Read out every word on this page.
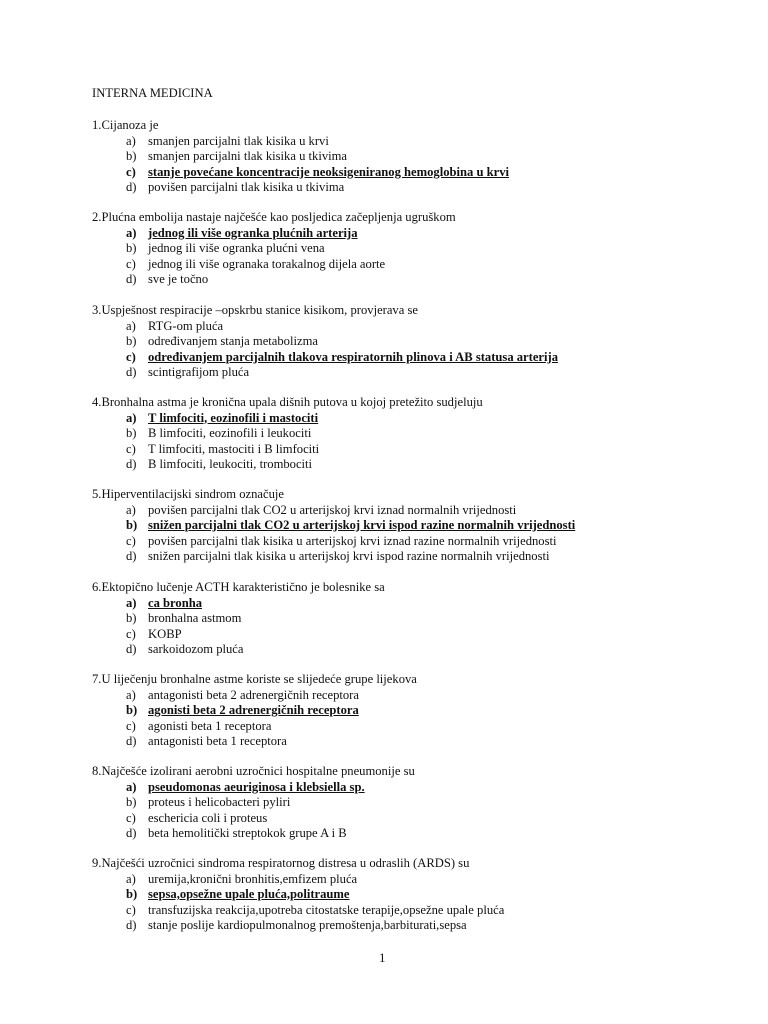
INTERNA MEDICINA
1.Cijanoza je
a) smanjen parcijalni tlak kisika u krvi
b) smanjen parcijalni tlak kisika u tkivima
c) stanje povećane koncentracije neoksigeniranog hemoglobina u krvi
d) povišen parcijalni tlak kisika u tkivima
2.Plućna embolija nastaje najčešće kao posljedica začepljenja ugruškom
a) jednog ili više ogranka plućnih arterija
b) jednog ili više ogranka plućni vena
c) jednog ili više ogranaka torakalnog dijela aorte
d) sve je točno
3.Uspješnost respiracije –opskrbu stanice kisikom, provjerava se
a) RTG-om pluća
b) određivanjem stanja metabolizma
c) određivanjem parcijalnih tlakova respiratornih plinova i AB statusa arterija
d) scintigrafijom pluća
4.Bronhalna astma je kronična upala dišnih putova u kojoj pretežito sudjeluju
a) T limfociti, eozinofili i mastociti
b) B limfociti, eozinofili i leukociti
c) T limfociti, mastociti i B limfociti
d) B limfociti, leukociti, trombociti
5.Hiperventilacijski sindrom označuje
a) povišen parcijalni tlak CO2 u arterijskoj krvi iznad normalnih vrijednosti
b) snižen parcijalni tlak CO2 u arterijskoj krvi ispod razine normalnih vrijednosti
c) povišen parcijalni tlak kisika u arterijskoj krvi iznad razine normalnih vrijednosti
d) snižen parcijalni tlak kisika u arterijskoj krvi ispod razine normalnih vrijednosti
6.Ektopično lučenje ACTH karakteristično je bolesnike sa
a) ca bronha
b) bronhalna astmom
c) KOBP
d) sarkoidozom pluća
7.U liječenju bronhalne astme koriste se slijedeće grupe lijekova
a) antagonisti beta 2 adrenergičnih receptora
b) agonisti beta 2 adrenergičnih receptora
c) agonisti beta 1 receptora
d) antagonisti beta 1 receptora
8.Najčešće izolirani aerobni uzročnici hospitalne pneumonije su
a) pseudomonas aeuriginosa i klebsiella sp.
b) proteus i helicobacteri pyliri
c) eschericia coli i proteus
d) beta hemolitički streptokok grupe A i B
9.Najčešći uzročnici sindroma respiratornog distresa u odraslih (ARDS) su
a) uremija,kronični bronhitis,emfizem pluća
b) sepsa,opsežne upale pluća,politraume
c) transfuzijska reakcija,upotreba citostatske terapije,opsežne upale pluća
d) stanje poslije kardiopulmonalnog premoštenja,barbiturati,sepsa
1
